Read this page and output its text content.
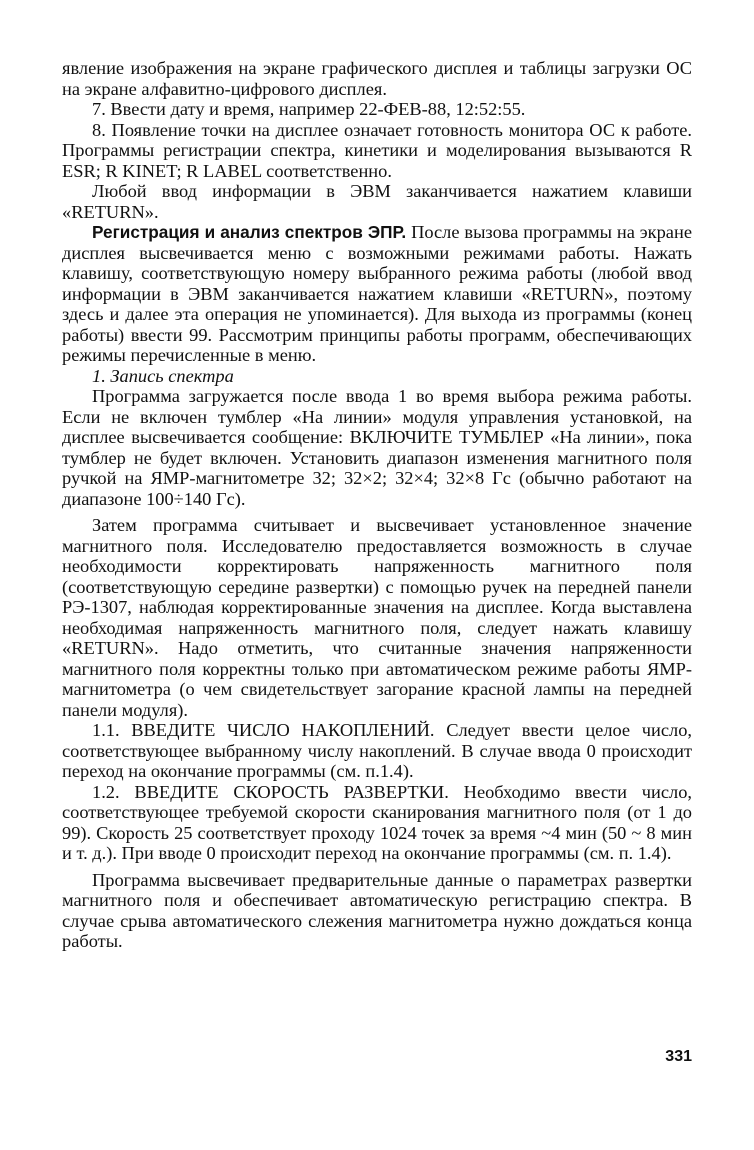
явление изображения на экране графического дисплея и таблицы загрузки ОС на экране алфавитно-цифрового дисплея.

7. Ввести дату и время, например 22-ФЕВ-88, 12:52:55.

8. Появление точки на дисплее означает готовность монитора ОС к работе. Программы регистрации спектра, кинетики и моделирования вызываются R ESR; R KINET; R LABEL соответственно.

Любой ввод информации в ЭВМ заканчивается нажатием клавиши «RETURN».

Регистрация и анализ спектров ЭПР. После вызова программы на экране дисплея высвечивается меню с возможными режимами работы. Нажать клавишу, соответствующую номеру выбранного режима работы (любой ввод информации в ЭВМ заканчивается нажатием клавиши «RETURN», поэтому здесь и далее эта операция не упоминается). Для выхода из программы (конец работы) ввести 99. Рассмотрим принципы работы программ, обеспечивающих режимы перечисленные в меню.

1. Запись спектра

Программа загружается после ввода 1 во время выбора режима работы. Если не включен тумблер «На линии» модуля управления установкой, на дисплее высвечивается сообщение: ВКЛЮЧИТЕ ТУМБЛЕР «На линии», пока тумблер не будет включен. Установить диапазон изменения магнитного поля ручкой на ЯМР-магнитометре 32; 32×2; 32×4; 32×8 Гс (обычно работают на диапазоне 100÷140 Гс).

Затем программа считывает и высвечивает установленное значение магнитного поля. Исследователю предоставляется возможность в случае необходимости корректировать напряженность магнитного поля (соответствующую середине развертки) с помощью ручек на передней панели РЭ-1307, наблюдая корректированные значения на дисплее. Когда выставлена необходимая напряженность магнитного поля, следует нажать клавишу «RETURN». Надо отметить, что считанные значения напряженности магнитного поля корректны только при автоматическом режиме работы ЯМР-магнитометра (о чем свидетельствует загорание красной лампы на передней панели модуля).

1.1. ВВЕДИТЕ ЧИСЛО НАКОПЛЕНИЙ. Следует ввести целое число, соответствующее выбранному числу накоплений. В случае ввода 0 происходит переход на окончание программы (см. п.1.4).

1.2. ВВЕДИТЕ СКОРОСТЬ РАЗВЕРТКИ. Необходимо ввести число, соответствующее требуемой скорости сканирования магнитного поля (от 1 до 99). Скорость 25 соответствует проходу 1024 точек за время ~4 мин (50 ~ 8 мин и т. д.). При вводе 0 происходит переход на окончание программы (см. п. 1.4).

Программа высвечивает предварительные данные о параметрах развертки магнитного поля и обеспечивает автоматическую регистрацию спектра. В случае срыва автоматического слежения магнитометра нужно дождаться конца работы.

331
